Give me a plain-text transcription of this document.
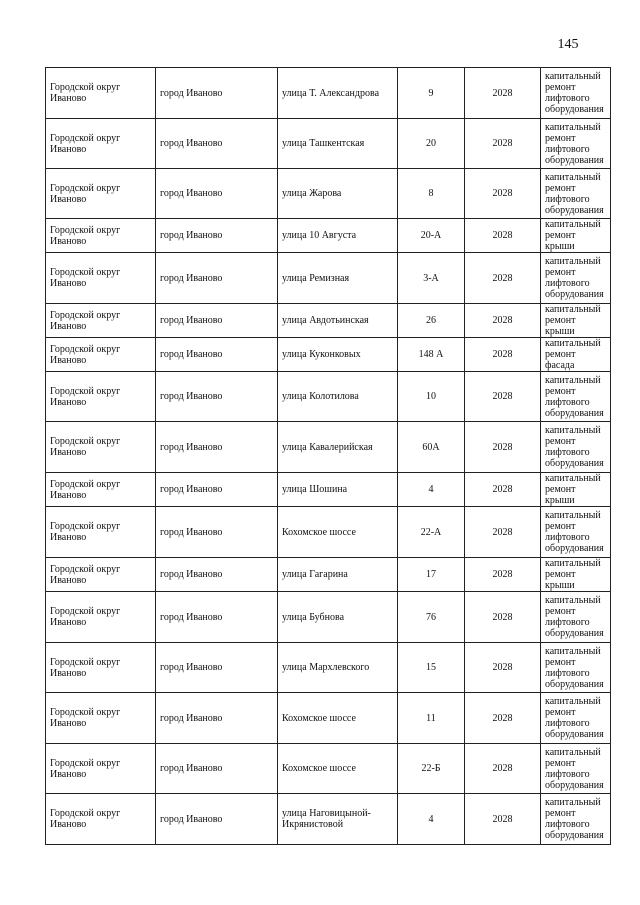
145
Городской округ Иваново	город Иваново	улица Т. Александрова	9	2028	капитальный ремонт лифтового оборудования
Городской округ Иваново	город Иваново	улица Ташкентская	20	2028	капитальный ремонт лифтового оборудования
Городской округ Иваново	город Иваново	улица Жарова	8	2028	капитальный ремонт лифтового оборудования
Городской округ Иваново	город Иваново	улица 10 Августа	20-А	2028	капитальный ремонт крыши
Городской округ Иваново	город Иваново	улица Ремизная	3-А	2028	капитальный ремонт лифтового оборудования
Городской округ Иваново	город Иваново	улица Авдотьинская	26	2028	капитальный ремонт крыши
Городской округ Иваново	город Иваново	улица Куконковых	148 А	2028	капитальный ремонт фасада
Городской округ Иваново	город Иваново	улица Колотилова	10	2028	капитальный ремонт лифтового оборудования
Городской округ Иваново	город Иваново	улица Кавалерийская	60А	2028	капитальный ремонт лифтового оборудования
Городской округ Иваново	город Иваново	улица Шошина	4	2028	капитальный ремонт крыши
Городской округ Иваново	город Иваново	Кохомское шоссе	22-А	2028	капитальный ремонт лифтового оборудования
Городской округ Иваново	город Иваново	улица Гагарина	17	2028	капитальный ремонт крыши
Городской округ Иваново	город Иваново	улица Бубнова	76	2028	капитальный ремонт лифтового оборудования
Городской округ Иваново	город Иваново	улица Мархлевского	15	2028	капитальный ремонт лифтового оборудования
Городской округ Иваново	город Иваново	Кохомское шоссе	11	2028	капитальный ремонт лифтового оборудования
Городской округ Иваново	город Иваново	Кохомское шоссе	22-Б	2028	капитальный ремонт лифтового оборудования
Городской округ Иваново	город Иваново	улица Наговицыной-Икрянистовой	4	2028	капитальный ремонт лифтового оборудования
